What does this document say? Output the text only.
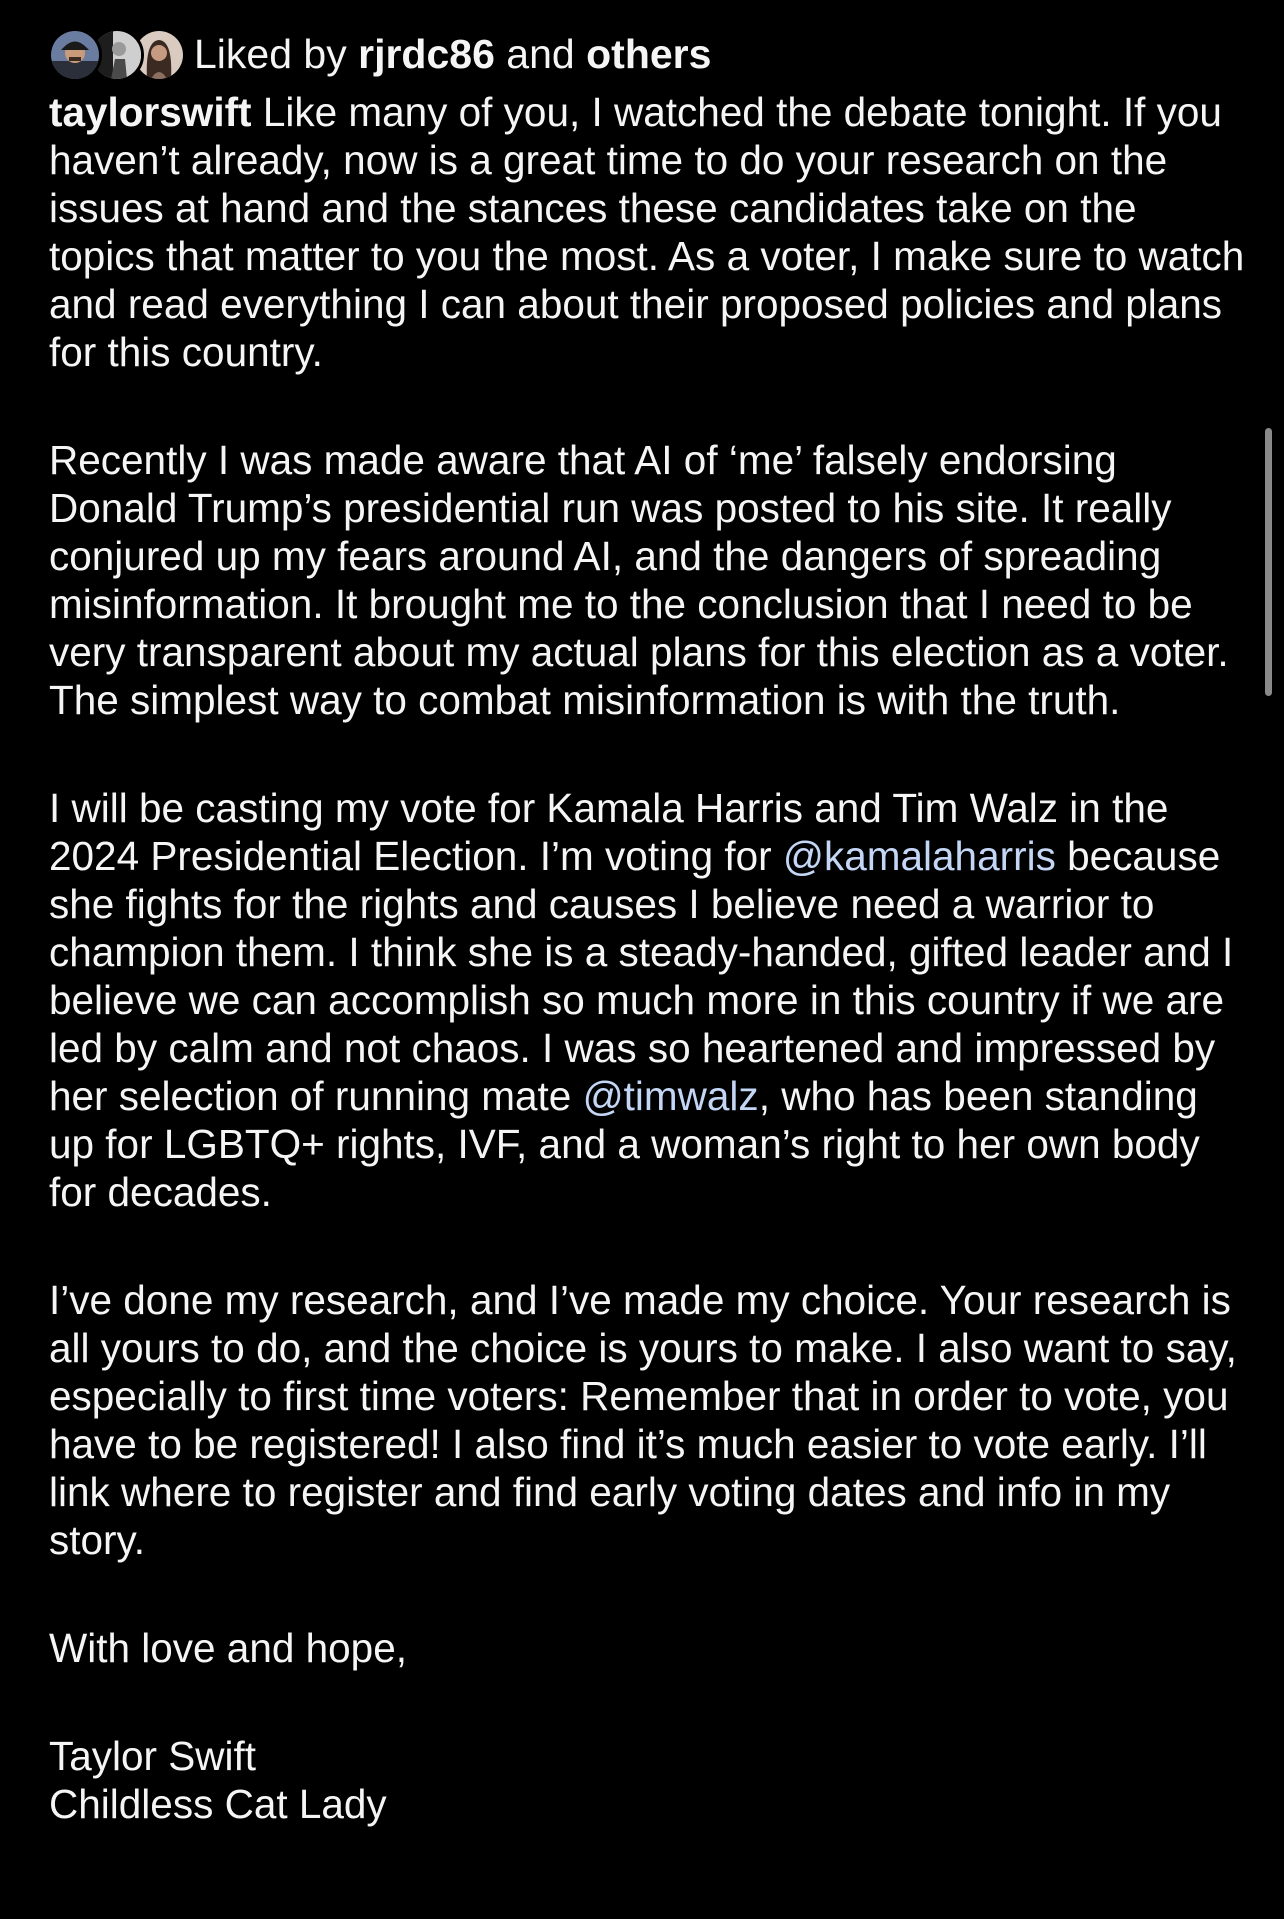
Liked by rjrdc86 and others

taylorswift Like many of you, I watched the debate tonight. If you haven’t already, now is a great time to do your research on the issues at hand and the stances these candidates take on the topics that matter to you the most. As a voter, I make sure to watch and read everything I can about their proposed policies and plans for this country.

Recently I was made aware that AI of ‘me’ falsely endorsing Donald Trump’s presidential run was posted to his site. It really conjured up my fears around AI, and the dangers of spreading misinformation. It brought me to the conclusion that I need to be very transparent about my actual plans for this election as a voter. The simplest way to combat misinformation is with the truth.

I will be casting my vote for Kamala Harris and Tim Walz in the 2024 Presidential Election. I’m voting for @kamalaharris because she fights for the rights and causes I believe need a warrior to champion them. I think she is a steady-handed, gifted leader and I believe we can accomplish so much more in this country if we are led by calm and not chaos. I was so heartened and impressed by her selection of running mate @timwalz, who has been standing up for LGBTQ+ rights, IVF, and a woman’s right to her own body for decades.

I’ve done my research, and I’ve made my choice. Your research is all yours to do, and the choice is yours to make. I also want to say, especially to first time voters: Remember that in order to vote, you have to be registered! I also find it’s much easier to vote early. I’ll link where to register and find early voting dates and info in my story.

With love and hope,

Taylor Swift
Childless Cat Lady
